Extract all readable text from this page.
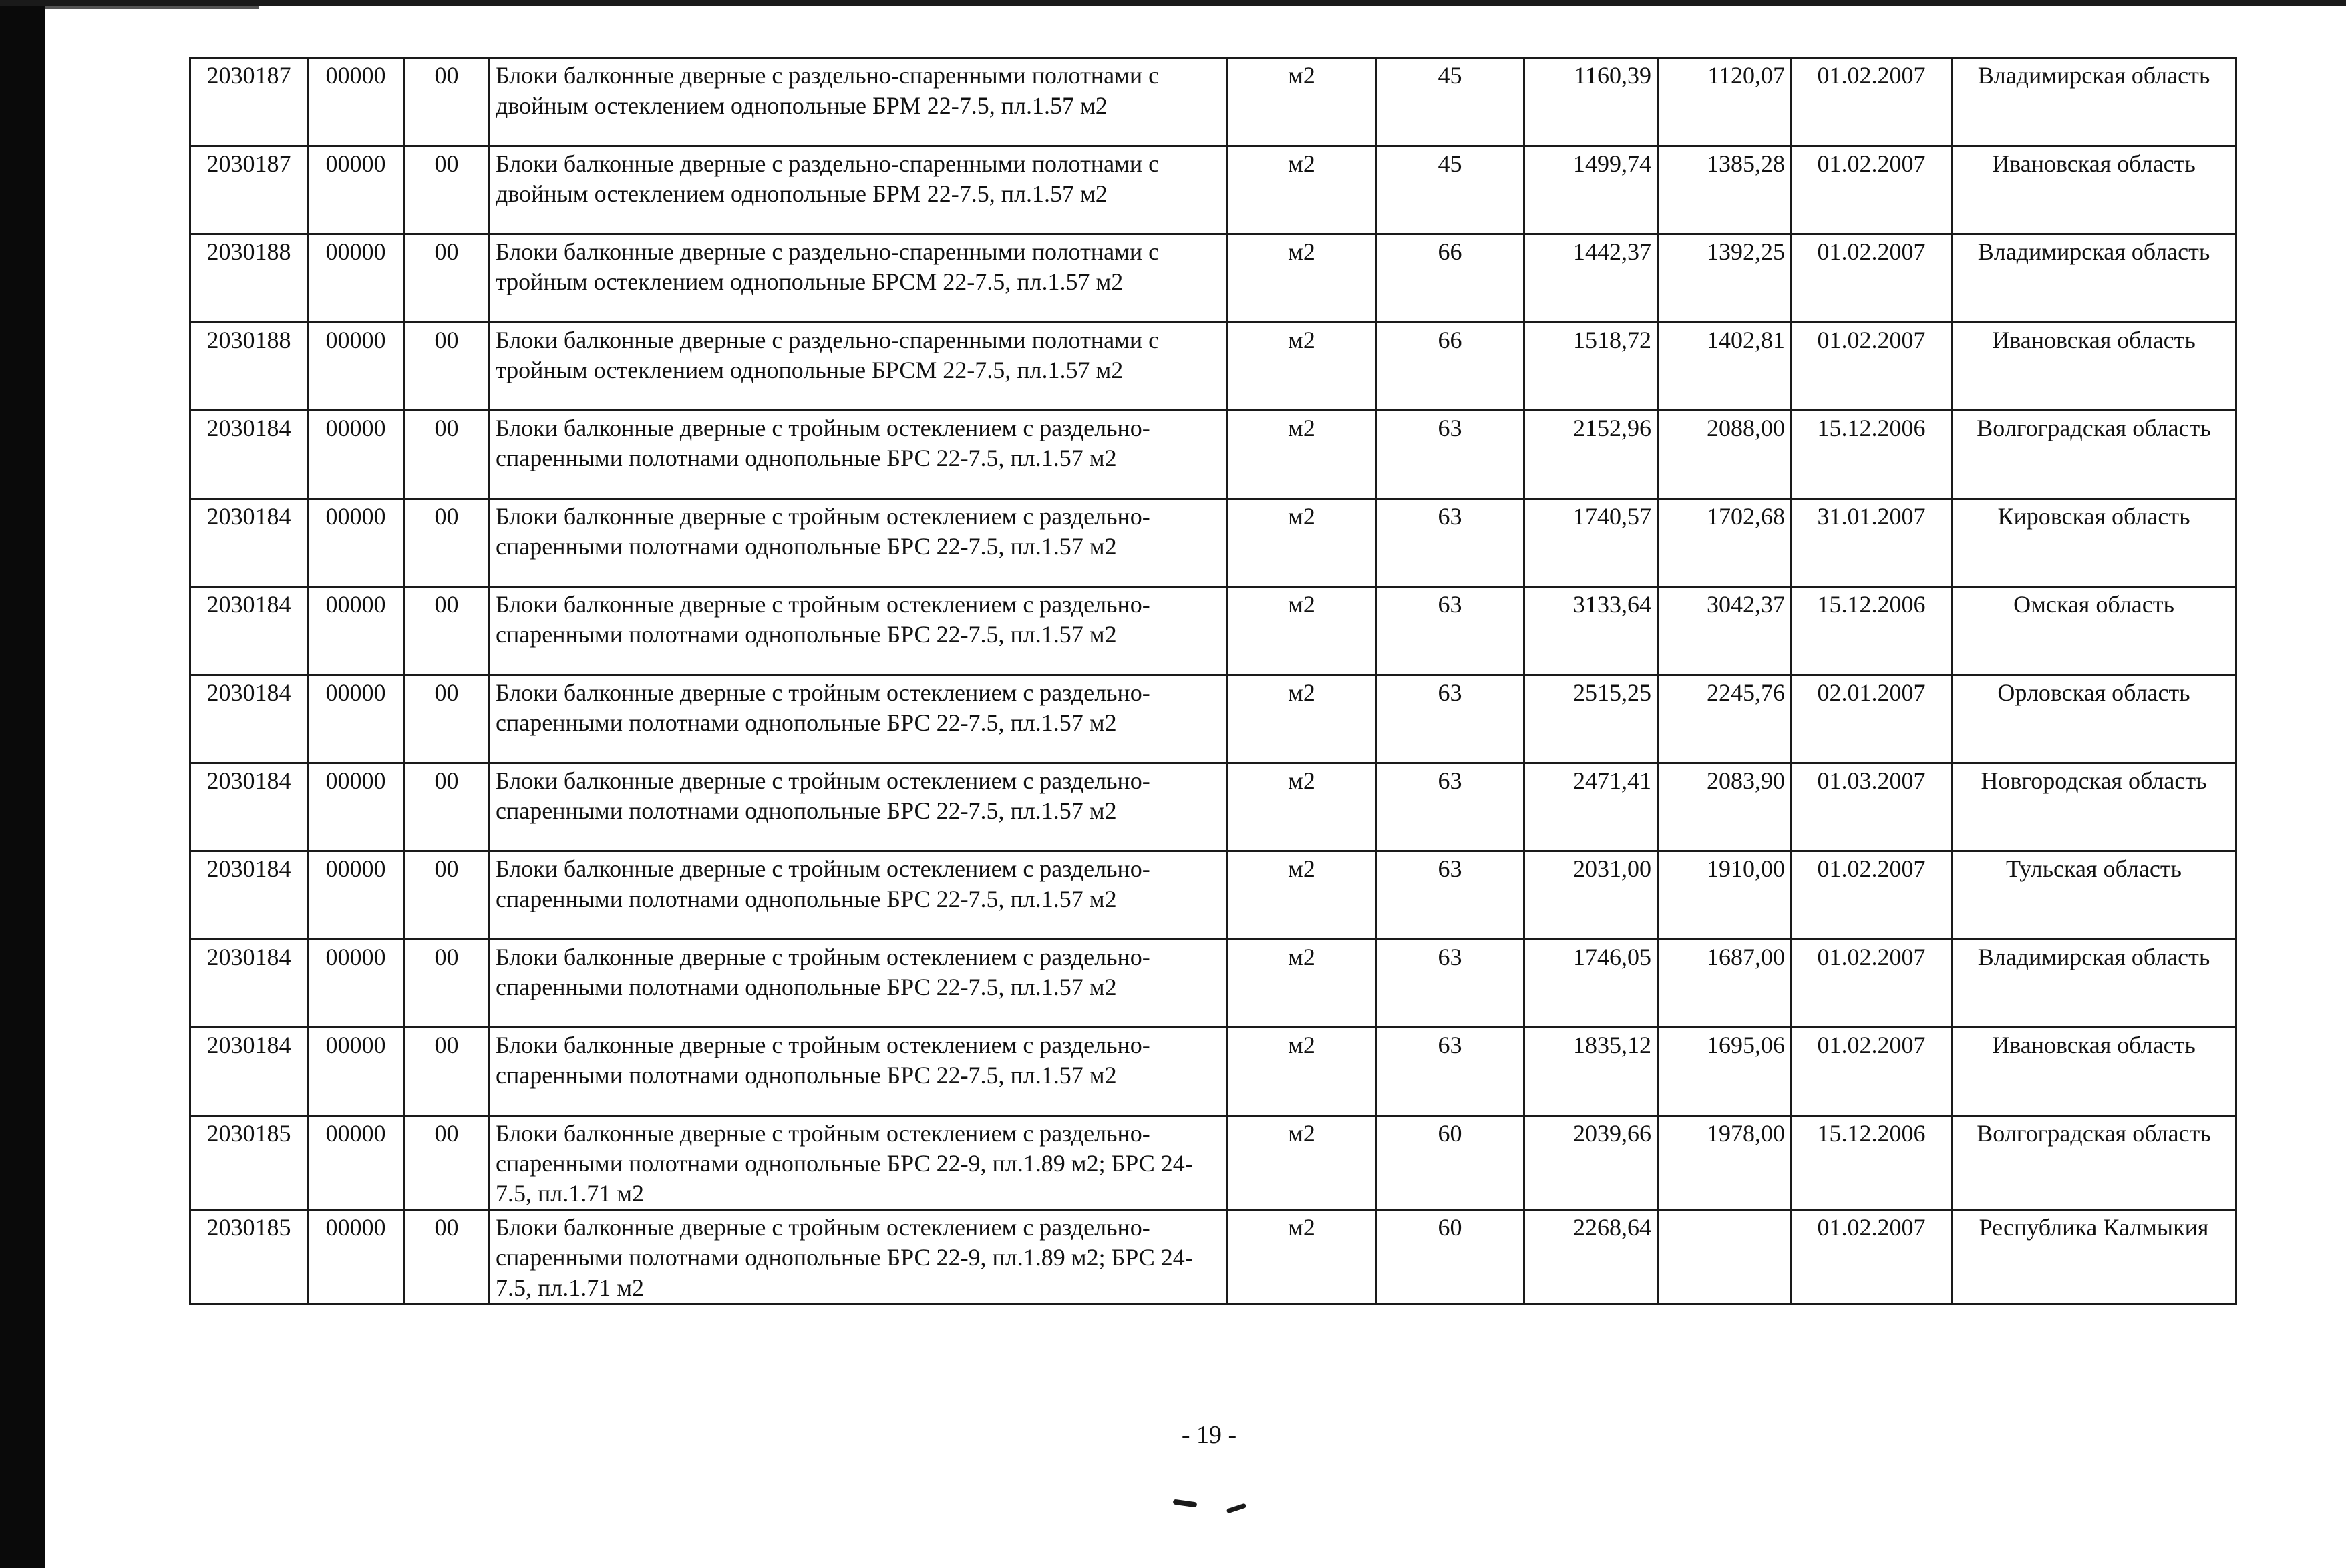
2030187	00000	00	Блоки балконные дверные с раздельно-спаренными полотнами с двойным остеклением однопольные БРМ 22-7.5, пл.1.57 м2	м2	45	1160,39	1120,07	01.02.2007	Владимирская область
2030187	00000	00	Блоки балконные дверные с раздельно-спаренными полотнами с двойным остеклением однопольные БРМ 22-7.5, пл.1.57 м2	м2	45	1499,74	1385,28	01.02.2007	Ивановская область
2030188	00000	00	Блоки балконные дверные с раздельно-спаренными полотнами с тройным остеклением однопольные БРСМ 22-7.5, пл.1.57 м2	м2	66	1442,37	1392,25	01.02.2007	Владимирская область
2030188	00000	00	Блоки балконные дверные с раздельно-спаренными полотнами с тройным остеклением однопольные БРСМ 22-7.5, пл.1.57 м2	м2	66	1518,72	1402,81	01.02.2007	Ивановская область
2030184	00000	00	Блоки балконные дверные с тройным остеклением с раздельно-спаренными полотнами однопольные БРС 22-7.5, пл.1.57 м2	м2	63	2152,96	2088,00	15.12.2006	Волгоградская область
2030184	00000	00	Блоки балконные дверные с тройным остеклением с раздельно-спаренными полотнами однопольные БРС 22-7.5, пл.1.57 м2	м2	63	1740,57	1702,68	31.01.2007	Кировская область
2030184	00000	00	Блоки балконные дверные с тройным остеклением с раздельно-спаренными полотнами однопольные БРС 22-7.5, пл.1.57 м2	м2	63	3133,64	3042,37	15.12.2006	Омская область
2030184	00000	00	Блоки балконные дверные с тройным остеклением с раздельно-спаренными полотнами однопольные БРС 22-7.5, пл.1.57 м2	м2	63	2515,25	2245,76	02.01.2007	Орловская область
2030184	00000	00	Блоки балконные дверные с тройным остеклением с раздельно-спаренными полотнами однопольные БРС 22-7.5, пл.1.57 м2	м2	63	2471,41	2083,90	01.03.2007	Новгородская область
2030184	00000	00	Блоки балконные дверные с тройным остеклением с раздельно-спаренными полотнами однопольные БРС 22-7.5, пл.1.57 м2	м2	63	2031,00	1910,00	01.02.2007	Тульская область
2030184	00000	00	Блоки балконные дверные с тройным остеклением с раздельно-спаренными полотнами однопольные БРС 22-7.5, пл.1.57 м2	м2	63	1746,05	1687,00	01.02.2007	Владимирская область
2030184	00000	00	Блоки балконные дверные с тройным остеклением с раздельно-спаренными полотнами однопольные БРС 22-7.5, пл.1.57 м2	м2	63	1835,12	1695,06	01.02.2007	Ивановская область
2030185	00000	00	Блоки балконные дверные с тройным остеклением с раздельно-спаренными полотнами однопольные БРС 22-9, пл.1.89 м2; БРС 24-7.5, пл.1.71 м2	м2	60	2039,66	1978,00	15.12.2006	Волгоградская область
2030185	00000	00	Блоки балконные дверные с тройным остеклением с раздельно-спаренными полотнами однопольные БРС 22-9, пл.1.89 м2; БРС 24-7.5, пл.1.71 м2	м2	60	2268,64		01.02.2007	Республика Калмыкия
- 19 -
